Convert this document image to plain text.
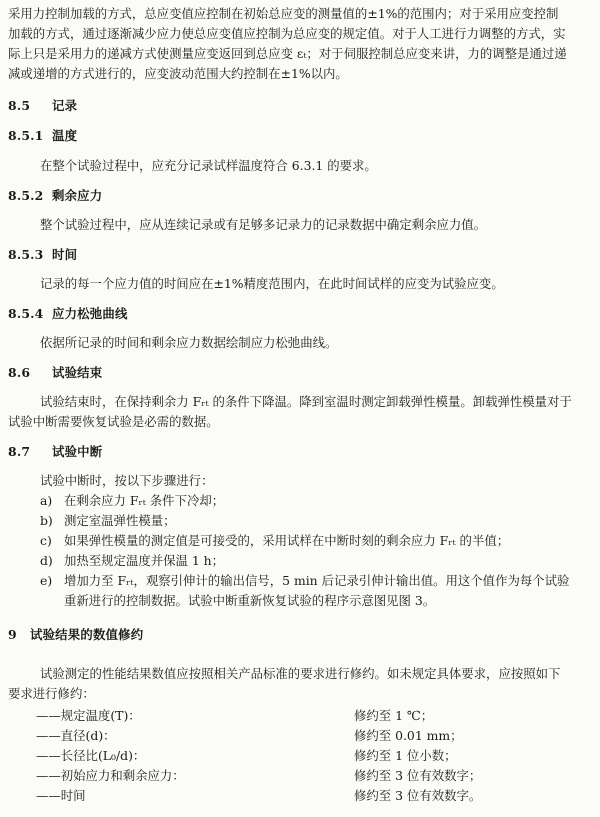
采用力控制加载的方式，总应变值应控制在初始总应变的测量值的±1%的范围内；对于采用应变控制
加载的方式，通过逐渐减少应力使总应变值应控制为总应变的规定值。对于人工进行力调整的方式，实
际上只是采用力的递减方式使测量应变返回到总应变 εₜ；对于伺服控制总应变来讲，力的调整是通过递
减或递增的方式进行的，应变波动范围大约控制在±1%以内。
8.5 记录
8.5.1 温度
在整个试验过程中，应充分记录试样温度符合 6.3.1 的要求。
8.5.2 剩余应力
整个试验过程中，应从连续记录或有足够多记录力的记录数据中确定剩余应力值。
8.5.3 时间
记录的每一个应力值的时间应在±1%精度范围内，在此时间试样的应变为试验应变。
8.5.4 应力松弛曲线
依据所记录的时间和剩余应力数据绘制应力松弛曲线。
8.6 试验结束
试验结束时，在保持剩余力 Fᵣₜ 的条件下降温。降到室温时测定卸载弹性模量。卸载弹性模量对于
试验中断需要恢复试验是必需的数据。
8.7 试验中断
试验中断时，按以下步骤进行：
a) 在剩余应力 Fᵣₜ 条件下冷却；
b) 测定室温弹性模量；
c) 如果弹性模量的测定值是可接受的，采用试样在中断时刻的剩余应力 Fᵣₜ 的半值；
d) 加热至规定温度并保温 1 h；
e) 增加力至 Fᵣₜ，观察引伸计的输出信号，5 min 后记录引伸计输出值。用这个值作为每个试验
重新进行的控制数据。试验中断重新恢复试验的程序示意图见图 3。
9 试验结果的数值修约
试验测定的性能结果数值应按照相关产品标准的要求进行修约。如未规定具体要求，应按照如下
要求进行修约：
——规定温度(T)：	修约至 1 ℃；
——直径(d)：	修约至 0.01 mm；
——长径比(L₀/d)：	修约至 1 位小数；
——初始应力和剩余应力：	修约至 3 位有效数字；
——时间	修约至 3 位有效数字。
